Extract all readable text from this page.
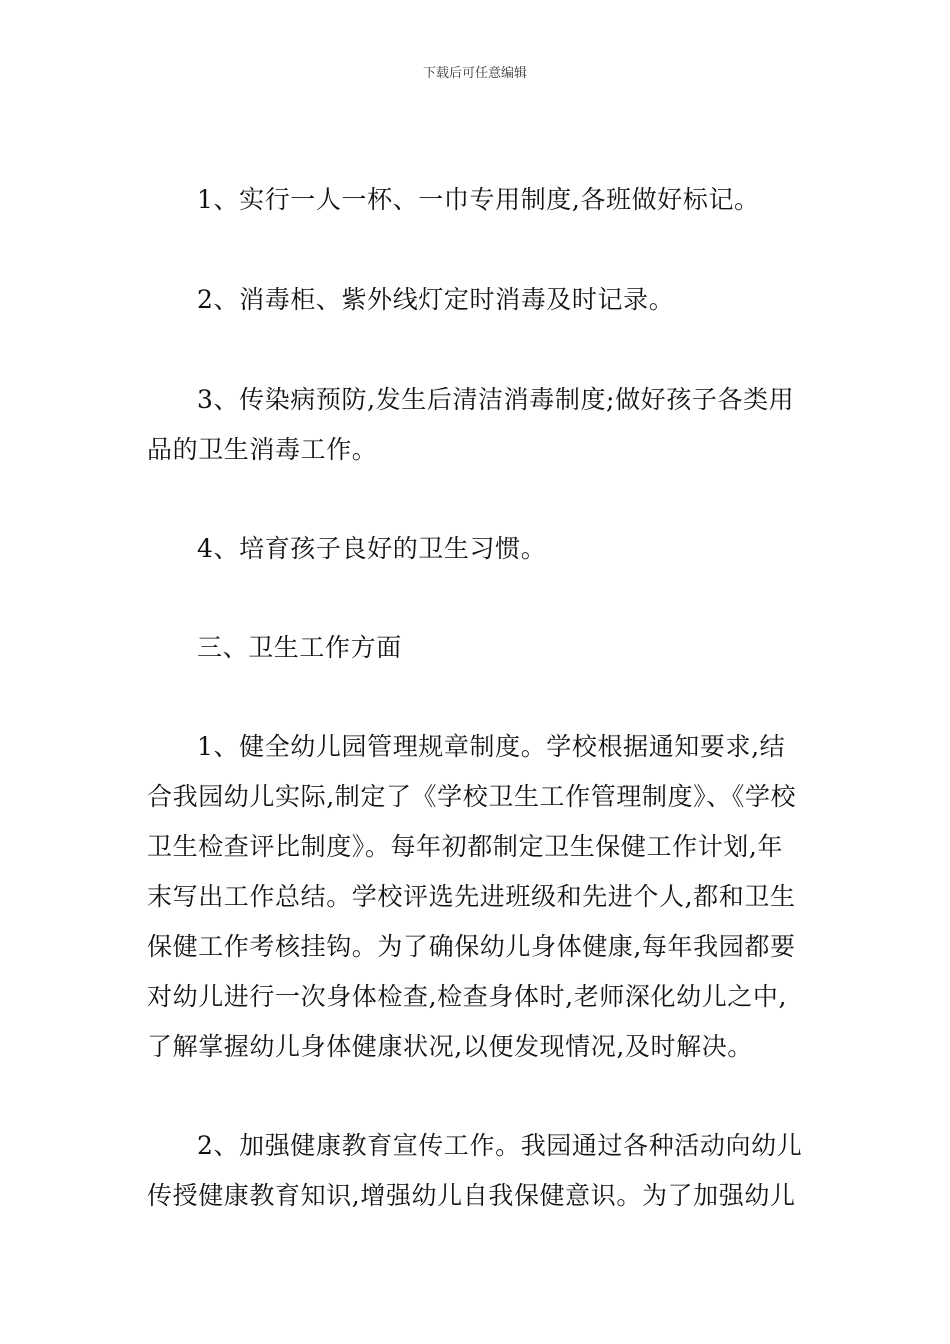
下载后可任意编辑

1、实行一人一杯、一巾专用制度,各班做好标记。

2、消毒柜、紫外线灯定时消毒及时记录。

3、传染病预防,发生后清洁消毒制度;做好孩子各类用品的卫生消毒工作。

4、培育孩子良好的卫生习惯。

三、卫生工作方面

1、健全幼儿园管理规章制度。学校根据通知要求,结合我园幼儿实际,制定了《学校卫生工作管理制度》、《学校卫生检查评比制度》。每年初都制定卫生保健工作计划,年末写出工作总结。学校评选先进班级和先进个人,都和卫生保健工作考核挂钩。为了确保幼儿身体健康,每年我园都要对幼儿进行一次身体检查,检查身体时,老师深化幼儿之中,了解掌握幼儿身体健康状况,以便发现情况,及时解决。

2、加强健康教育宣传工作。我园通过各种活动向幼儿传授健康教育知识,增强幼儿自我保健意识。为了加强幼儿
